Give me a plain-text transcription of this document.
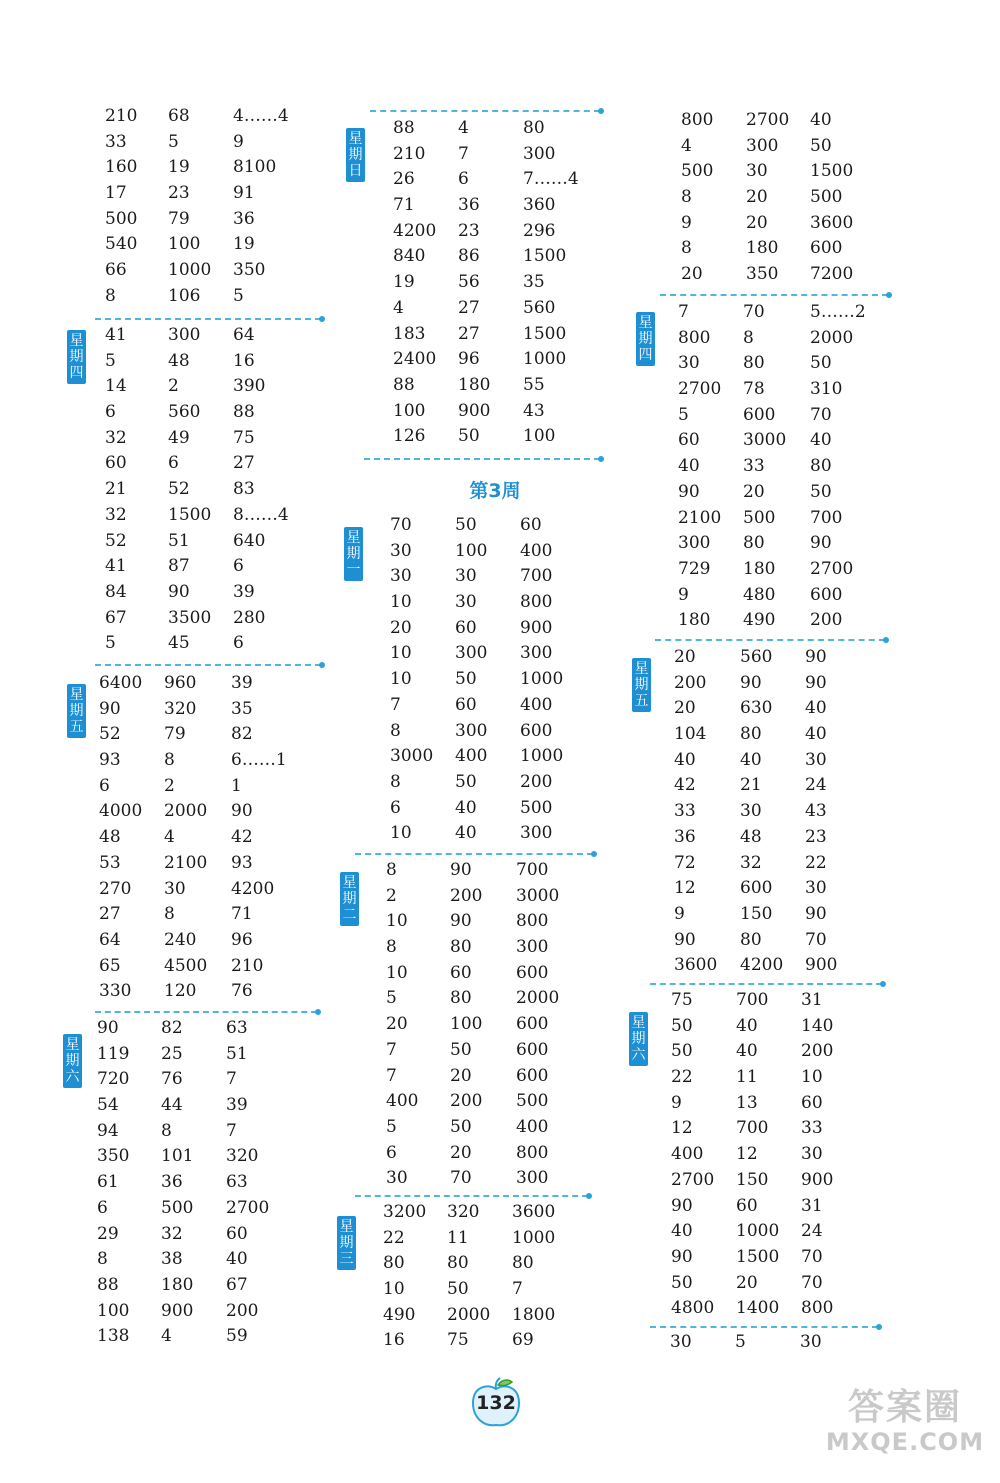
210 68	4……4
33 5	9
160 19	8100
17 23	91
500 79	36
540 100 19
66 1000 350
8	106 5
星期四
41 300 64
5	48	16
14 2	390
6	560 88
32 49	75
60 6	27
21 52	83
32 1500 8……4
52 51	640
41 87	6
84 90	39
67 3500 280
5	45	6
星期五
6400 960 39
90	320 35
52	79	82
93	8	6……1
6	2	1
4000 2000 90
48	4	42
53	2100 93
270 30	4200
27	8	71
64	240 96
65	4500 210
330 120 76
星期六
90 82	63
119 25	51
720 76	7
54 44	39
94 8	7
350 101 320
61 36	63
6	500 2700
29 32	60
8	38	40
88 180 67
100 900 200
138 4	59
星期日
88	4	80
210 7	300
26	6	7……4
71	36	360
4200 23	296
840 86	1500
19	56	35
4	27	560
183 27	1500
2400 96	1000
88	180 55
100 900 43
126 50	100
第3周
星期一
70	50	60
30	100 400
30	30	700
10	30	800
20	60	900
10	300 300
10	50	1000
7	60	400
8	300 600
3000 400 1000
8	50	200
6	40	500
10	40	300
星期二
8	90	700
2	200 3000
10 90	800
8	80	300
10 60	600
5	80	2000
20 100 600
7	50	600
7	20	600
400 200 500
5	50	400
6	20	800
30 70	300
星期三
3200 320 3600
22 11	1000
80 80	80
10 50	7
490 2000 1800
16 75	69
800 2700 40
4	300 50
500 30 1500
8	20 500
9	20 3600
8	180 600
20	350 7200
星期四
7	70	5……2
800 8	2000
30	80	50
2700 78	310
5	600 70
60	3000 40
40	33	80
90	20	50
2100 500 700
300 80	90
729 180 2700
9	480 600
180 490 200
星期五
20	560 90
200 90	90
20	630 40
104 80	40
40	40	30
42	21	24
33	30	43
36	48	23
72	32	22
12	600 30
9	150 90
90	80	70
3600 4200 900
星期六
75	700 31
50	40	140
50	40	200
22	11	10
9	13	60
12	700 33
400 12	30
2700 150 900
90	60	31
40	1000 24
90	1500 70
50	20	70
4800 1400 800
30	5	30
132	答案圈
MXQE.COM
